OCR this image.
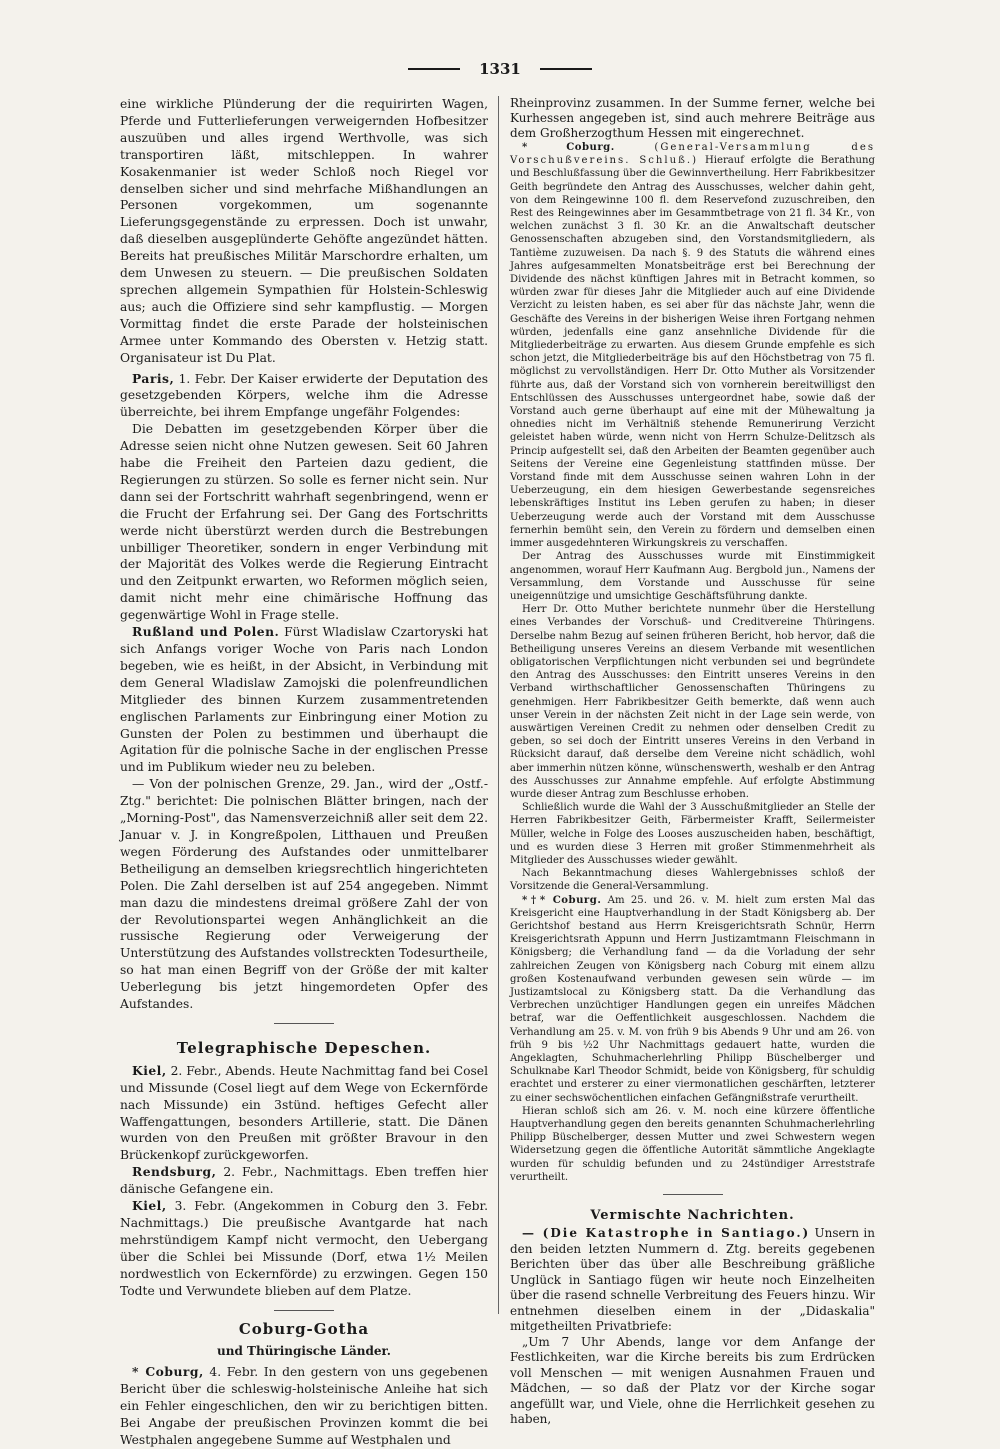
1331

eine wirkliche Plünderung der die requirirten Wagen, Pferde und Futterlieferungen verweigernden Hofbesitzer auszuüben und alles irgend Werthvolle, was sich transportiren läßt, mitschleppen. In wahrer Kosakenmanier ist weder Schloß noch Riegel vor denselben sicher und sind mehrfache Mißhandlungen an Personen vorgekommen, um sogenannte Lieferungsgegenstände zu erpressen. Doch ist unwahr, daß dieselben ausgeplünderte Gehöfte angezündet hätten. Bereits hat preußisches Militär Marschordre erhalten, um dem Unwesen zu steuern. — Die preußischen Soldaten sprechen allgemein Sympathien für Holstein-Schleswig aus; auch die Offiziere sind sehr kampflustig. — Morgen Vormittag findet die erste Parade der holsteinischen Armee unter Kommando des Obersten v. Hetzig statt. Organisateur ist Du Plat.

Paris, 1. Febr. Der Kaiser erwiderte der Deputation des gesetzgebenden Körpers, welche ihm die Adresse überreichte, bei ihrem Empfange ungefähr Folgendes:

Die Debatten im gesetzgebenden Körper über die Adresse seien nicht ohne Nutzen gewesen. Seit 60 Jahren habe die Freiheit den Parteien dazu gedient, die Regierungen zu stürzen. So solle es ferner nicht sein. Nur dann sei der Fortschritt wahrhaft segenbringend, wenn er die Frucht der Erfahrung sei. Der Gang des Fortschritts werde nicht überstürzt werden durch die Bestrebungen unbilliger Theoretiker, sondern in enger Verbindung mit der Majorität des Volkes werde die Regierung Eintracht und den Zeitpunkt erwarten, wo Reformen möglich seien, damit nicht mehr eine chimärische Hoffnung das gegenwärtige Wohl in Frage stelle.

Rußland und Polen. Fürst Wladislaw Czartoryski hat sich Anfangs voriger Woche von Paris nach London begeben, wie es heißt, in der Absicht, in Verbindung mit dem General Wladislaw Zamojski die polenfreundlichen Mitglieder des binnen Kurzem zusammentretenden englischen Parlaments zur Einbringung einer Motion zu Gunsten der Polen zu bestimmen und überhaupt die Agitation für die polnische Sache in der englischen Presse und im Publikum wieder neu zu beleben.

— Von der polnischen Grenze, 29. Jan., wird der „Ostf.-Ztg." berichtet: Die polnischen Blätter bringen, nach der „Morning-Post", das Namensverzeichniß aller seit dem 22. Januar v. J. in Kongreßpolen, Litthauen und Preußen wegen Förderung des Aufstandes oder unmittelbarer Betheiligung an demselben kriegsrechtlich hingerichteten Polen. Die Zahl derselben ist auf 254 angegeben. Nimmt man dazu die mindestens dreimal größere Zahl der von der Revolutionspartei wegen Anhänglichkeit an die russische Regierung oder Verweigerung der Unterstützung des Aufstandes vollstreckten Todesurtheile, so hat man einen Begriff von der Größe der mit kalter Ueberlegung bis jetzt hingemordeten Opfer des Aufstandes.

Telegraphische Depeschen.

Kiel, 2. Febr., Abends. Heute Nachmittag fand bei Cosel und Missunde (Cosel liegt auf dem Wege von Eckernförde nach Missunde) ein 3stünd. heftiges Gefecht aller Waffengattungen, besonders Artillerie, statt. Die Dänen wurden von den Preußen mit größter Bravour in den Brückenkopf zurückgeworfen.

Rendsburg, 2. Febr., Nachmittags. Eben treffen hier dänische Gefangene ein.

Kiel, 3. Febr. (Angekommen in Coburg den 3. Febr. Nachmittags.) Die preußische Avantgarde hat nach mehrstündigem Kampf nicht vermocht, den Uebergang über die Schlei bei Missunde (Dorf, etwa 1½ Meilen nordwestlich von Eckernförde) zu erzwingen. Gegen 150 Todte und Verwundete blieben auf dem Platze.

Coburg-Gotha
und Thüringische Länder.

* Coburg, 4. Febr. In den gestern von uns gegebenen Bericht über die schleswig-holsteinische Anleihe hat sich ein Fehler eingeschlichen, den wir zu berichtigen bitten. Bei Angabe der preußischen Provinzen kommt die bei Westphalen angegebene Summe auf Westphalen und

Rheinprovinz zusammen. In der Summe ferner, welche bei Kurhessen angegeben ist, sind auch mehrere Beiträge aus dem Großherzogthum Hessen mit eingerechnet.

* Coburg. (General-Versammlung des Vorschußvereins. Schluß.) Hierauf erfolgte die Berathung und Beschlußfassung über die Gewinnvertheilung. Herr Fabrikbesitzer Geith begründete den Antrag des Ausschusses, welcher dahin geht, von dem Reingewinne 100 fl. dem Reservefond zuzuschreiben, den Rest des Reingewinnes aber im Gesammtbetrage von 21 fl. 34 Kr., von welchen zunächst 3 fl. 30 Kr. an die Anwaltschaft deutscher Genossenschaften abzugeben sind, den Vorstandsmitgliedern, als Tantième zuzuweisen. Da nach §. 9 des Statuts die während eines Jahres aufgesammelten Monatsbeiträge erst bei Berechnung der Dividende des nächst künftigen Jahres mit in Betracht kommen, so würden zwar für dieses Jahr die Mitglieder auch auf eine Dividende Verzicht zu leisten haben, es sei aber für das nächste Jahr, wenn die Geschäfte des Vereins in der bisherigen Weise ihren Fortgang nehmen würden, jedenfalls eine ganz ansehnliche Dividende für die Mitgliederbeiträge zu erwarten. Aus diesem Grunde empfehle es sich schon jetzt, die Mitgliederbeiträge bis auf den Höchstbetrag von 75 fl. möglichst zu vervollständigen. Herr Dr. Otto Muther als Vorsitzender führte aus, daß der Vorstand sich von vornherein bereitwilligst den Entschlüssen des Ausschusses untergeordnet habe, sowie daß der Vorstand auch gerne überhaupt auf eine mit der Mühewaltung ja ohnedies nicht im Verhältniß stehende Remunerirung Verzicht geleistet haben würde, wenn nicht von Herrn Schulze-Delitzsch als Princip aufgestellt sei, daß den Arbeiten der Beamten gegenüber auch Seitens der Vereine eine Gegenleistung stattfinden müsse. Der Vorstand finde mit dem Ausschusse seinen wahren Lohn in der Ueberzeugung, ein dem hiesigen Gewerbestande segensreiches lebenskräftiges Institut ins Leben gerufen zu haben; in dieser Ueberzeugung werde auch der Vorstand mit dem Ausschusse fernerhin bemüht sein, den Verein zu fördern und demselben einen immer ausgedehnteren Wirkungskreis zu verschaffen.

Der Antrag des Ausschusses wurde mit Einstimmigkeit angenommen, worauf Herr Kaufmann Aug. Bergbold jun., Namens der Versammlung, dem Vorstande und Ausschusse für seine uneigennützige und umsichtige Geschäftsführung dankte.

Herr Dr. Otto Muther berichtete nunmehr über die Herstellung eines Verbandes der Vorschuß- und Creditvereine Thüringens. Derselbe nahm Bezug auf seinen früheren Bericht, hob hervor, daß die Betheiligung unseres Vereins an diesem Verbande mit wesentlichen obligatorischen Verpflichtungen nicht verbunden sei und begründete den Antrag des Ausschusses: den Eintritt unseres Vereins in den Verband wirthschaftlicher Genossenschaften Thüringens zu genehmigen. Herr Fabrikbesitzer Geith bemerkte, daß wenn auch unser Verein in der nächsten Zeit nicht in der Lage sein werde, von auswärtigen Vereinen Credit zu nehmen oder denselben Credit zu geben, so sei doch der Eintritt unseres Vereins in den Verband in Rücksicht darauf, daß derselbe dem Vereine nicht schädlich, wohl aber immerhin nützen könne, wünschenswerth, weshalb er den Antrag des Ausschusses zur Annahme empfehle. Auf erfolgte Abstimmung wurde dieser Antrag zum Beschlusse erhoben.

Schließlich wurde die Wahl der 3 Ausschußmitglieder an Stelle der Herren Fabrikbesitzer Geith, Färbermeister Krafft, Seilermeister Müller, welche in Folge des Looses auszuscheiden haben, beschäftigt, und es wurden diese 3 Herren mit großer Stimmenmehrheit als Mitglieder des Ausschusses wieder gewählt.

Nach Bekanntmachung dieses Wahlergebnisses schloß der Vorsitzende die General-Versammlung.

*†* Coburg. Am 25. und 26. v. M. hielt zum ersten Mal das Kreisgericht eine Hauptverhandlung in der Stadt Königsberg ab. Der Gerichtshof bestand aus Herrn Kreisgerichtsrath Schnür, Herrn Kreisgerichtsrath Appunn und Herrn Justizamtmann Fleischmann in Königsberg; die Verhandlung fand — da die Vorladung der sehr zahlreichen Zeugen von Königsberg nach Coburg mit einem allzu großen Kostenaufwand verbunden gewesen sein würde — im Justizamtslocal zu Königsberg statt. Da die Verhandlung das Verbrechen unzüchtiger Handlungen gegen ein unreifes Mädchen betraf, war die Oeffentlichkeit ausgeschlossen. Nachdem die Verhandlung am 25. v. M. von früh 9 bis Abends 9 Uhr und am 26. von früh 9 bis ½2 Uhr Nachmittags gedauert hatte, wurden die Angeklagten, Schuhmacherlehrling Philipp Büschelberger und Schulknabe Karl Theodor Schmidt, beide von Königsberg, für schuldig erachtet und ersterer zu einer viermonatlichen geschärften, letzterer zu einer sechswöchentlichen einfachen Gefängnißstrafe verurtheilt.

Hieran schloß sich am 26. v. M. noch eine kürzere öffentliche Hauptverhandlung gegen den bereits genannten Schuhmacherlehrling Philipp Büschelberger, dessen Mutter und zwei Schwestern wegen Widersetzung gegen die öffentliche Autorität sämmtliche Angeklagte wurden für schuldig befunden und zu 24stündiger Arreststrafe verurtheilt.

Vermischte Nachrichten.

— (Die Katastrophe in Santiago.) Unsern in den beiden letzten Nummern d. Ztg. bereits gegebenen Berichten über das über alle Beschreibung gräßliche Unglück in Santiago fügen wir heute noch Einzelheiten über die rasend schnelle Verbreitung des Feuers hinzu. Wir entnehmen dieselben einem in der „Didaskalia" mitgetheilten Privatbriefe:

„Um 7 Uhr Abends, lange vor dem Anfange der Festlichkeiten, war die Kirche bereits bis zum Erdrücken voll Menschen — mit wenigen Ausnahmen Frauen und Mädchen, — so daß der Platz vor der Kirche sogar angefüllt war, und Viele, ohne die Herrlichkeit gesehen zu haben,
